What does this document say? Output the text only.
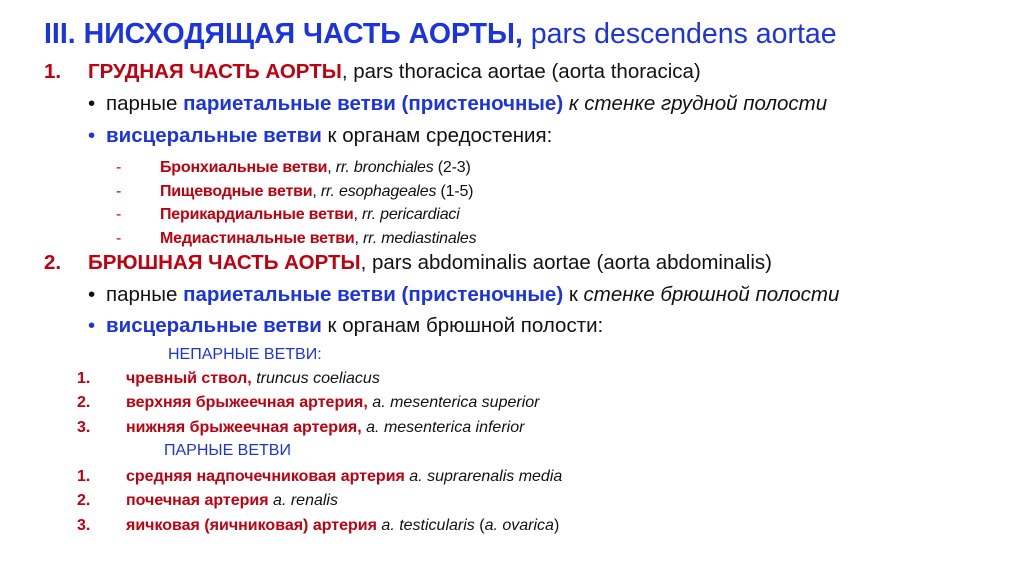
III. НИСХОДЯЩАЯ ЧАСТЬ АОРТЫ, pars descendens aortae
1. ГРУДНАЯ ЧАСТЬ АОРТЫ, pars thoracica aortae (aorta thoracica)
• парные париетальные ветви (пристеночные) к стенке грудной полости
• висцеральные ветви к органам средостения:
- Бронхиальные ветви, rr. bronchiales (2-3)
- Пищеводные ветви, rr. esophageales (1-5)
- Перикардиальные ветви, rr. pericardiaci
- Медиастинальные ветви, rr. mediastinales
2. БРЮШНАЯ ЧАСТЬ АОРТЫ, pars abdominalis aortae (aorta abdominalis)
• парные париетальные ветви (пристеночные) к стенке брюшной полости
• висцеральные ветви к органам брюшной полости:
НЕПАРНЫЕ ВЕТВИ:
1. чревный ствол, truncus coeliacus
2. верхняя брыжеечная артерия, a. mesenterica superior
3. нижняя брыжеечная артерия, a. mesenterica inferior
ПАРНЫЕ ВЕТВИ
1. средняя надпочечниковая артерия a. suprarenalis media
2. почечная артерия a. renalis
3. яичковая (яичниковая) артерия a. testicularis (a. ovarica)
